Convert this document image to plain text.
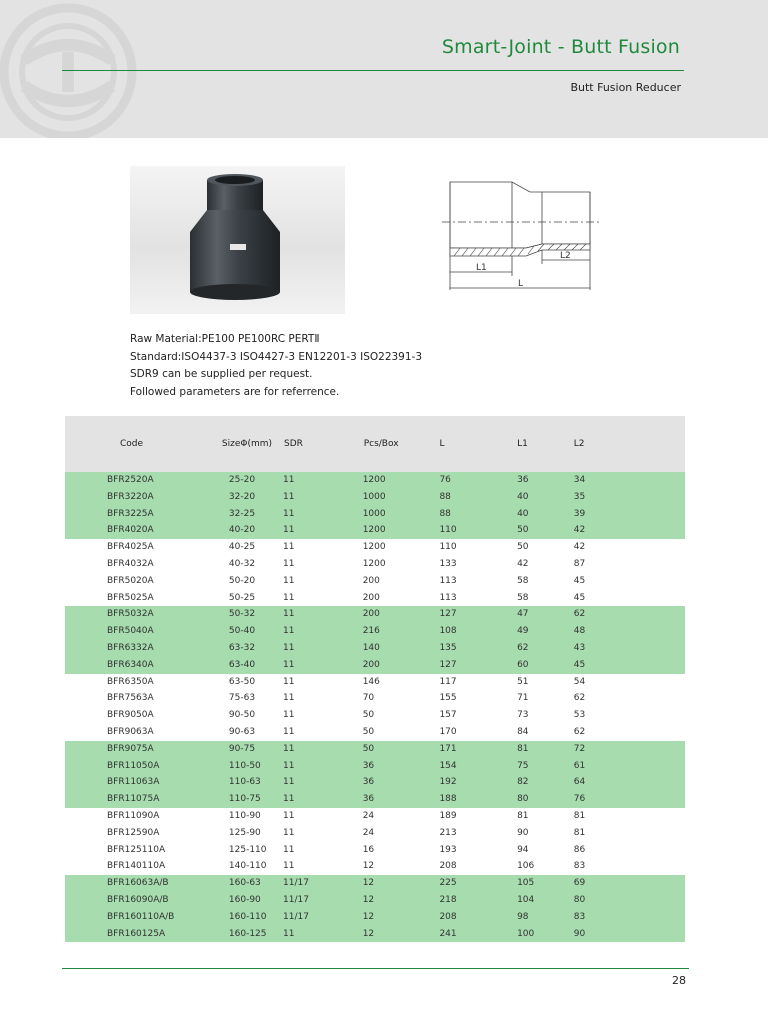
Smart-Joint - Butt Fusion
Butt Fusion Reducer
L1
L2
L
Raw Material:PE100 PE100RC PERTⅡ
Standard:ISO4437-3 ISO4427-3 EN12201-3 ISO22391-3
SDR9 can be supplied per request.
Followed parameters are for referrence.
Code	SizeΦ(mm)	SDR	Pcs/Box	L	L1	L2
BFR2520A	25-20	11	1200	76	36	34
BFR3220A	32-20	11	1000	88	40	35
BFR3225A	32-25	11	1000	88	40	39
BFR4020A	40-20	11	1200	110	50	42
BFR4025A	40-25	11	1200	110	50	42
BFR4032A	40-32	11	1200	133	42	87
BFR5020A	50-20	11	200	113	58	45
BFR5025A	50-25	11	200	113	58	45
BFR5032A	50-32	11	200	127	47	62
BFR5040A	50-40	11	216	108	49	48
BFR6332A	63-32	11	140	135	62	43
BFR6340A	63-40	11	200	127	60	45
BFR6350A	63-50	11	146	117	51	54
BFR7563A	75-63	11	70	155	71	62
BFR9050A	90-50	11	50	157	73	53
BFR9063A	90-63	11	50	170	84	62
BFR9075A	90-75	11	50	171	81	72
BFR11050A	110-50	11	36	154	75	61
BFR11063A	110-63	11	36	192	82	64
BFR11075A	110-75	11	36	188	80	76
BFR11090A	110-90	11	24	189	81	81
BFR12590A	125-90	11	24	213	90	81
BFR125110A	125-110	11	16	193	94	86
BFR140110A	140-110	11	12	208	106	83
BFR16063A/B	160-63	11/17	12	225	105	69
BFR16090A/B	160-90	11/17	12	218	104	80
BFR160110A/B	160-110	11/17	12	208	98	83
BFR160125A	160-125	11	12	241	100	90
28
